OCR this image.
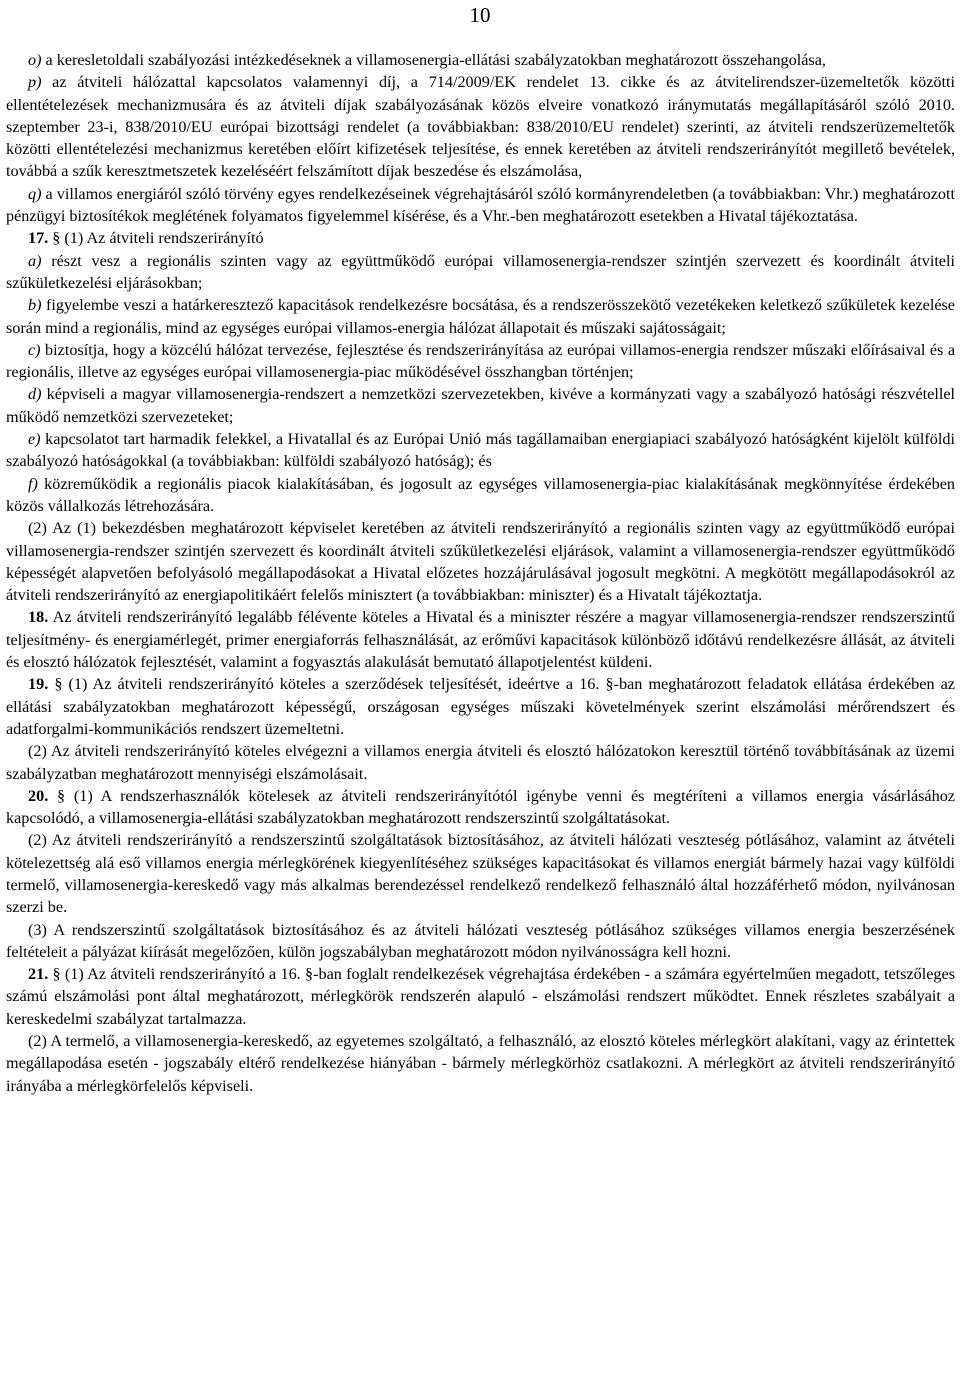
10

o) a keresletoldali szabályozási intézkedéseknek a villamosenergia-ellátási szabályzatokban meghatározott összehangolása,

p) az átviteli hálózattal kapcsolatos valamennyi díj, a 714/2009/EK rendelet 13. cikke és az átvitelirendszer-üzemeltetők közötti ellentételezések mechanizmusára és az átviteli díjak szabályozásának közös elveire vonatkozó iránymutatás megállapításáról szóló 2010. szeptember 23-i, 838/2010/EU európai bizottsági rendelet (a továbbiakban: 838/2010/EU rendelet) szerinti, az átviteli rendszerüzemeltetők közötti ellentételezési mechanizmus keretében előírt kifizetések teljesítése, és ennek keretében az átviteli rendszerirányítót megillető bevételek, továbbá a szűk keresztmetszetek kezeléséért felszámított díjak beszedése és elszámolása,

q) a villamos energiáról szóló törvény egyes rendelkezéseinek végrehajtásáról szóló kormányrendeletben (a továbbiakban: Vhr.) meghatározott pénzügyi biztosítékok meglétének folyamatos figyelemmel kísérése, és a Vhr.-ben meghatározott esetekben a Hivatal tájékoztatása.

17. § (1) Az átviteli rendszerirányító

a) részt vesz a regionális szinten vagy az együttműködő európai villamosenergia-rendszer szintjén szervezett és koordinált átviteli szűkületkezelési eljárásokban;

b) figyelembe veszi a határkeresztező kapacitások rendelkezésre bocsátása, és a rendszerösszekötő vezetékeken keletkező szűkületek kezelése során mind a regionális, mind az egységes európai villamos-energia hálózat állapotait és műszaki sajátosságait;

c) biztosítja, hogy a közcélú hálózat tervezése, fejlesztése és rendszerirányítása az európai villamos-energia rendszer műszaki előírásaival és a regionális, illetve az egységes európai villamosenergia-piac működésével összhangban történjen;

d) képviseli a magyar villamosenergia-rendszert a nemzetközi szervezetekben, kivéve a kormányzati vagy a szabályozó hatósági részvétellel működő nemzetközi szervezeteket;

e) kapcsolatot tart harmadik felekkel, a Hivatallal és az Európai Unió más tagállamaiban energiapiaci szabályozó hatóságként kijelölt külföldi szabályozó hatóságokkal (a továbbiakban: külföldi szabályozó hatóság); és

f) közreműködik a regionális piacok kialakításában, és jogosult az egységes villamosenergia-piac kialakításának megkönnyítése érdekében közös vállalkozás létrehozására.

(2) Az (1) bekezdésben meghatározott képviselet keretében az átviteli rendszerirányító a regionális szinten vagy az együttműködő európai villamosenergia-rendszer szintjén szervezett és koordinált átviteli szűkületkezelési eljárások, valamint a villamosenergia-rendszer együttműködő képességét alapvetően befolyásoló megállapodásokat a Hivatal előzetes hozzájárulásával jogosult megkötni. A megkötött megállapodásokról az átviteli rendszerirányító az energiapolitikáért felelős minisztert (a továbbiakban: miniszter) és a Hivatalt tájékoztatja.

18. Az átviteli rendszerirányító legalább félévente köteles a Hivatal és a miniszter részére a magyar villamosenergia-rendszer rendszerszintű teljesítmény- és energiamérlegét, primer energiaforrás felhasználását, az erőművi kapacitások különböző időtávú rendelkezésre állását, az átviteli és elosztó hálózatok fejlesztését, valamint a fogyasztás alakulását bemutató állapotjelentést küldeni.

19. § (1) Az átviteli rendszerirányító köteles a szerződések teljesítését, ideértve a 16. §-ban meghatározott feladatok ellátása érdekében az ellátási szabályzatokban meghatározott képességű, országosan egységes műszaki követelmények szerint elszámolási mérőrendszert és adatforgalmi-kommunikációs rendszert üzemeltetni.

(2) Az átviteli rendszerirányító köteles elvégezni a villamos energia átviteli és elosztó hálózatokon keresztül történő továbbításának az üzemi szabályzatban meghatározott mennyiségi elszámolásait.

20. § (1) A rendszerhasználók kötelesek az átviteli rendszerirányítótól igénybe venni és megtéríteni a villamos energia vásárlásához kapcsolódó, a villamosenergia-ellátási szabályzatokban meghatározott rendszerszintű szolgáltatásokat.

(2) Az átviteli rendszerirányító a rendszerszintű szolgáltatások biztosításához, az átviteli hálózati veszteség pótlásához, valamint az átvételi kötelezettség alá eső villamos energia mérlegkörének kiegyenlítéséhez szükséges kapacitásokat és villamos energiát bármely hazai vagy külföldi termelő, villamosenergia-kereskedő vagy más alkalmas berendezéssel rendelkező rendelkező felhasználó által hozzáférhető módon, nyilvánosan szerzi be.

(3) A rendszerszintű szolgáltatások biztosításához és az átviteli hálózati veszteség pótlásához szükséges villamos energia beszerzésének feltételeit a pályázat kiírását megelőzően, külön jogszabályban meghatározott módon nyilvánosságra kell hozni.

21. § (1) Az átviteli rendszerirányító a 16. §-ban foglalt rendelkezések végrehajtása érdekében - a számára egyértelműen megadott, tetszőleges számú elszámolási pont által meghatározott, mérlegkörök rendszerén alapuló - elszámolási rendszert működtet. Ennek részletes szabályait a kereskedelmi szabályzat tartalmazza.

(2) A termelő, a villamosenergia-kereskedő, az egyetemes szolgáltató, a felhasználó, az elosztó köteles mérlegkört alakítani, vagy az érintettek megállapodása esetén - jogszabály eltérő rendelkezése hiányában - bármely mérlegkörhöz csatlakozni. A mérlegkört az átviteli rendszerirányító irányába a mérlegkörfelelős képviseli.
